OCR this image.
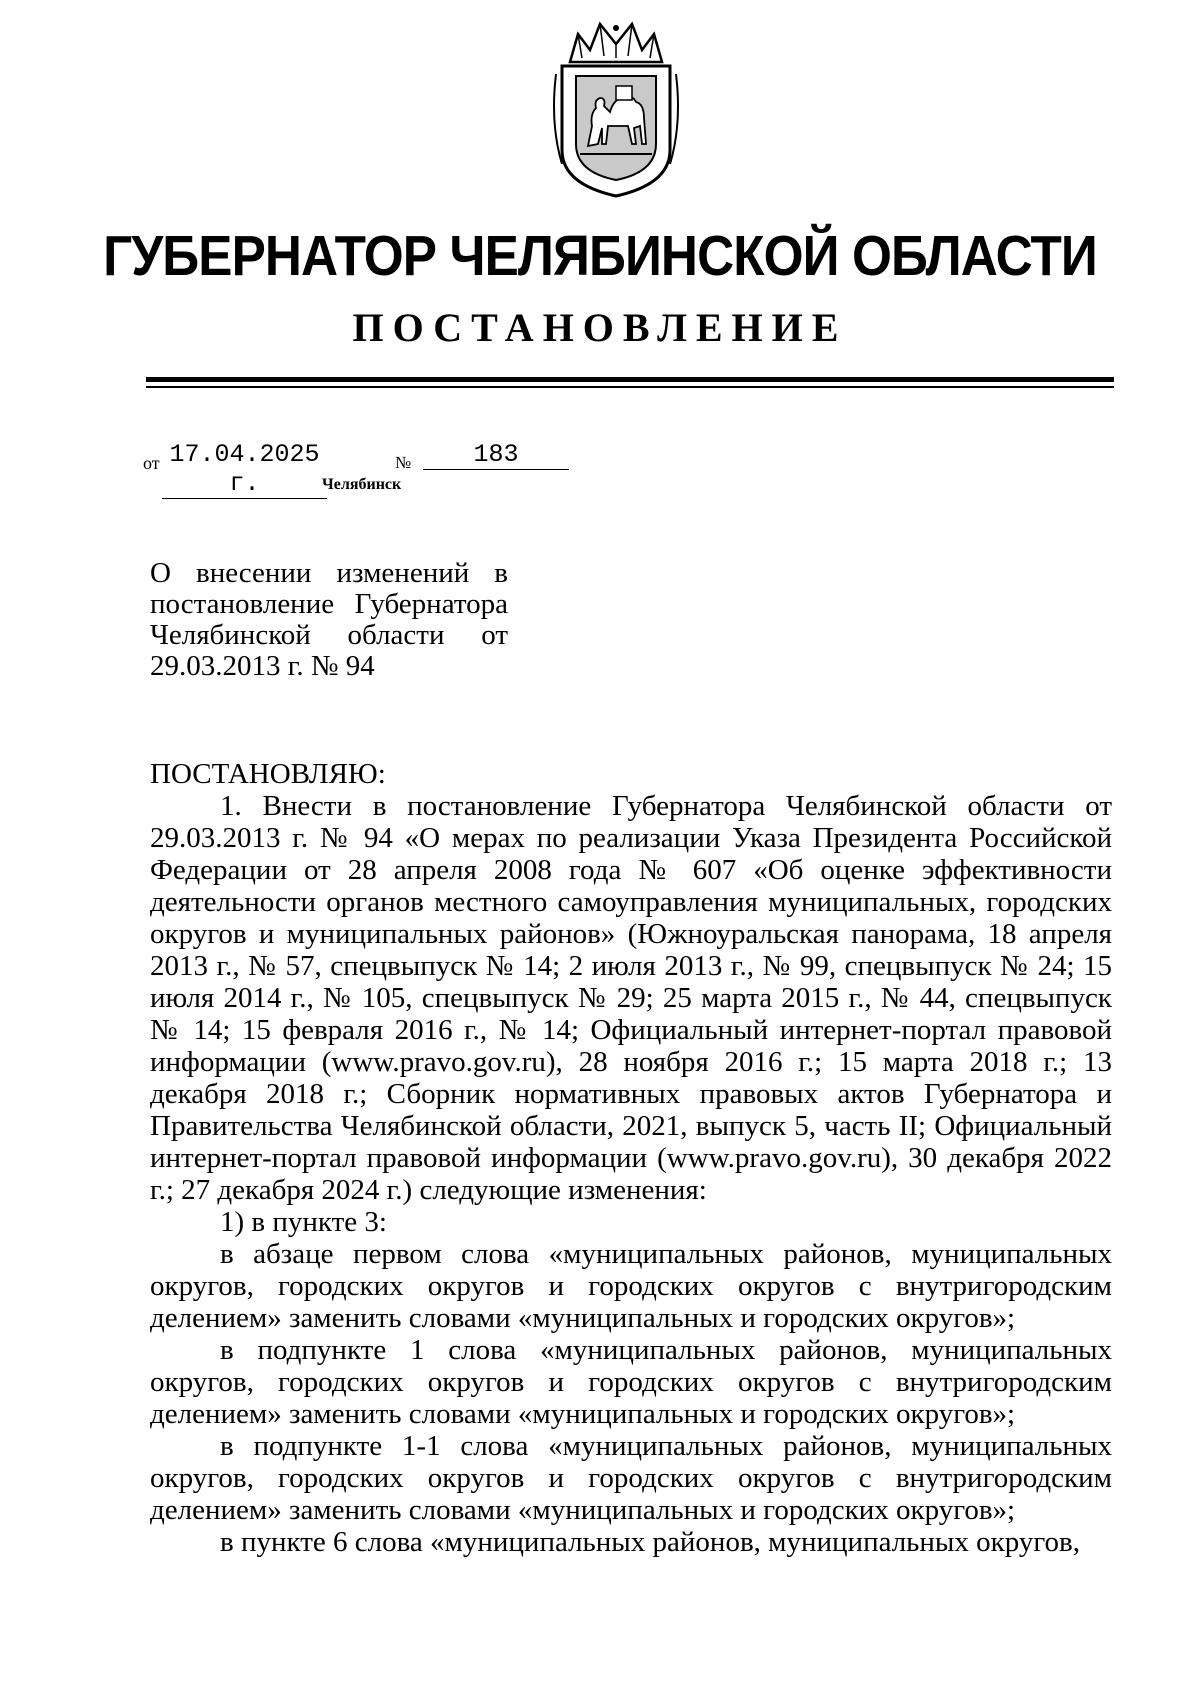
ГУБЕРНАТОР ЧЕЛЯБИНСКОЙ ОБЛАСТИ
ПОСТАНОВЛЕНИЕ
от 17.04.2025 г.
№	183
Челябинск
О внесении изменений в постановление Губернатора Челябинской области от 29.03.2013 г. № 94
ПОСТАНОВЛЯЮ:

1. Внести в постановление Губернатора Челябинской области от 29.03.2013 г. № 94 «О мерах по реализации Указа Президента Российской Федерации от 28 апреля 2008 года № 607 «Об оценке эффективности деятельности органов местного самоуправления муниципальных, городских округов и муниципальных районов» (Южноуральская панорама, 18 апреля 2013 г., № 57, спецвыпуск № 14; 2 июля 2013 г., № 99, спецвыпуск № 24; 15 июля 2014 г., № 105, спецвыпуск № 29; 25 марта 2015 г., № 44, спецвыпуск № 14; 15 февраля 2016 г., № 14; Официальный интернет-портал правовой информации (www.pravo.gov.ru), 28 ноября 2016 г.; 15 марта 2018 г.; 13 декабря 2018 г.; Сборник нормативных правовых актов Губернатора и Правительства Челябинской области, 2021, выпуск 5, часть II; Официальный интернет-портал правовой информации (www.pravo.gov.ru), 30 декабря 2022 г.; 27 декабря 2024 г.) следующие изменения:

1) в пункте 3:

в абзаце первом слова «муниципальных районов, муниципальных округов, городских округов и городских округов с внутригородским делением» заменить словами «муниципальных и городских округов»;

в подпункте 1 слова «муниципальных районов, муниципальных округов, городских округов и городских округов с внутригородским делением» заменить словами «муниципальных и городских округов»;

в подпункте 1-1 слова «муниципальных районов, муниципальных округов, городских округов и городских округов с внутригородским делением» заменить словами «муниципальных и городских округов»;

в пункте 6 слова «муниципальных районов, муниципальных округов,
